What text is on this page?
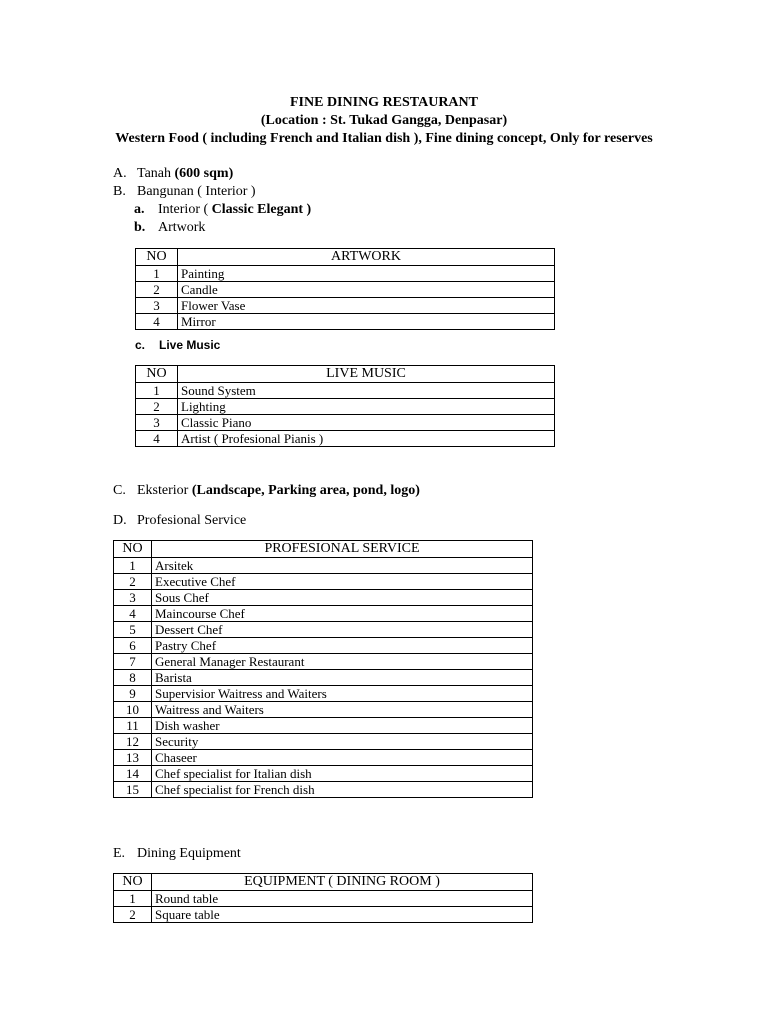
FINE DINING RESTAURANT
(Location : St. Tukad Gangga, Denpasar)
Western Food ( including French and Italian dish ), Fine dining concept, Only for reserves
A. Tanah (600 sqm)
B. Bangunan ( Interior )
a. Interior ( Classic Elegant )
b. Artwork
NO	ARTWORK
1	Painting
2	Candle
3	Flower Vase
4	Mirror
c. Live Music
NO	LIVE MUSIC
1	Sound System
2	Lighting
3	Classic Piano
4	Artist ( Profesional Pianis )
C. Eksterior (Landscape, Parking area, pond, logo)
D. Profesional Service
NO	PROFESIONAL SERVICE
1	Arsitek
2	Executive Chef
3	Sous Chef
4	Maincourse Chef
5	Dessert Chef
6	Pastry Chef
7	General Manager Restaurant
8	Barista
9	Supervisior Waitress and Waiters
10	Waitress and Waiters
11	Dish washer
12	Security
13	Chaseer
14	Chef specialist for Italian dish
15	Chef specialist for French dish
E. Dining Equipment
NO	EQUIPMENT ( DINING ROOM )
1	Round table
2	Square table
